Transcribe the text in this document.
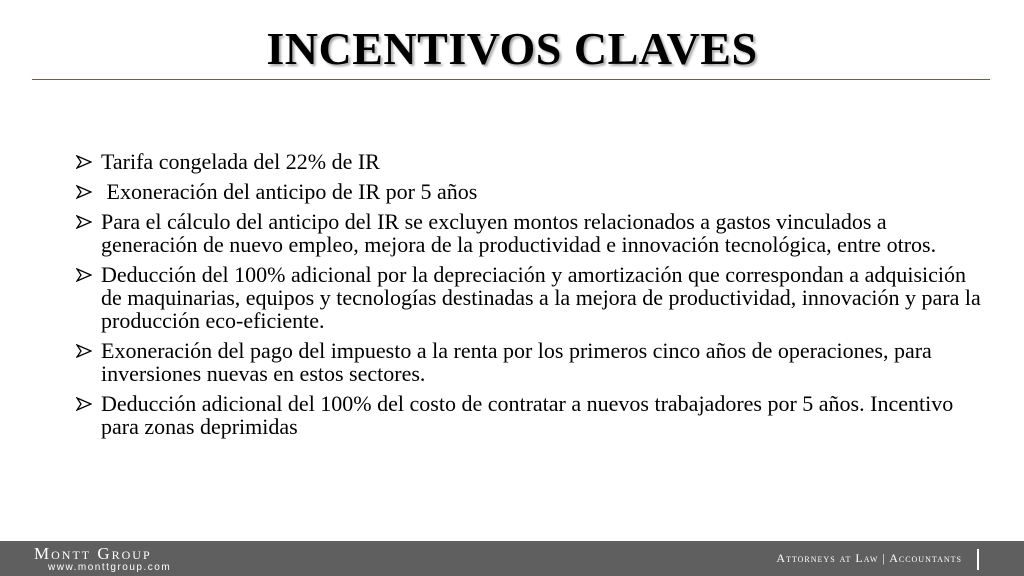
INCENTIVOS CLAVES
Tarifa congelada del 22% de IR
Exoneración del anticipo de IR por 5 años
Para el cálculo del anticipo del IR se excluyen montos relacionados a gastos vinculados a generación de nuevo empleo, mejora de la productividad e innovación tecnológica, entre otros.
Deducción del 100% adicional por la depreciación y amortización que correspondan a adquisición de maquinarias, equipos y tecnologías destinadas a la mejora de productividad, innovación y para la producción eco-eficiente.
Exoneración del pago del impuesto a la renta por los primeros cinco años de operaciones, para inversiones nuevas en estos sectores.
Deducción adicional del 100% del costo de contratar a nuevos trabajadores por 5 años. Incentivo para zonas deprimidas
Montt Group
www.monttgroup.com
Attorneys at Law | Accountants
